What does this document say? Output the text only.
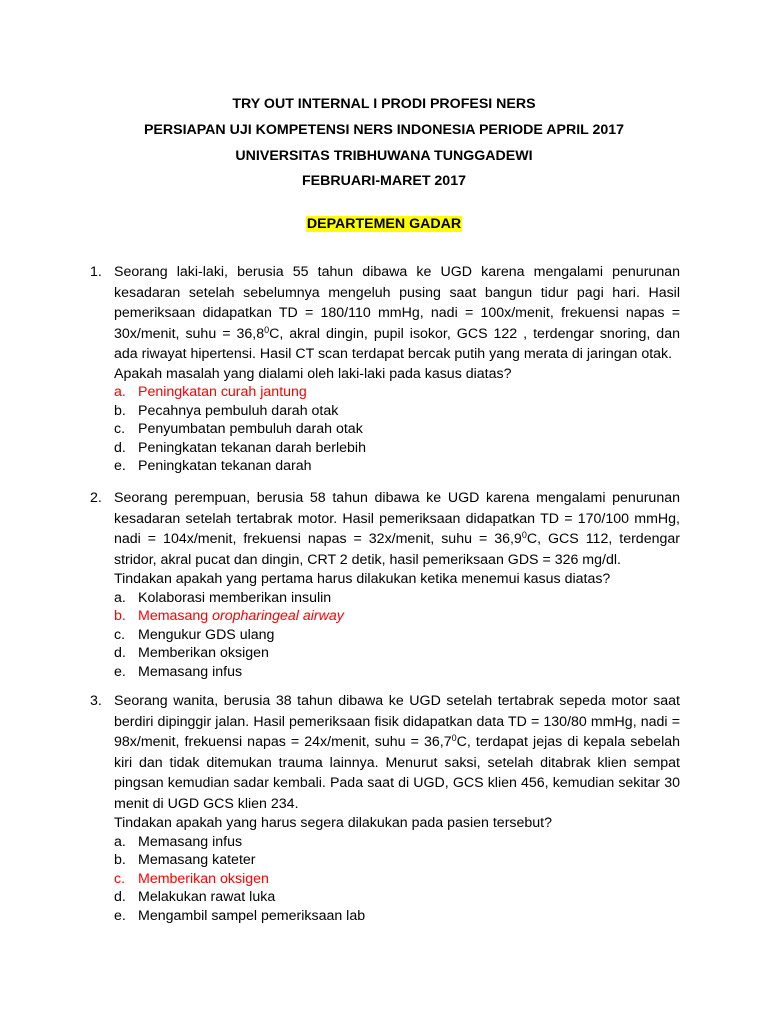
TRY OUT INTERNAL I PRODI PROFESI NERS

PERSIAPAN UJI KOMPETENSI NERS INDONESIA PERIODE APRIL 2017

UNIVERSITAS TRIBHUWANA TUNGGADEWI

FEBRUARI-MARET 2017

DEPARTEMEN GADAR
1. Seorang laki-laki, berusia 55 tahun dibawa ke UGD karena mengalami penurunan kesadaran setelah sebelumnya mengeluh pusing saat bangun tidur pagi hari. Hasil pemeriksaan didapatkan TD = 180/110 mmHg, nadi = 100x/menit, frekuensi napas = 30x/menit, suhu = $36,8^0C$, akral dingin, pupil isokor, GCS 122 , terdengar snoring, dan ada riwayat hipertensi. Hasil CT scan terdapat bercak putih yang merata di jaringan otak.

Apakah masalah yang dialami oleh laki-laki pada kasus diatas?

a. Peningkatan curah jantung
b. Pecahnya pembuluh darah otak
c. Penyumbatan pembuluh darah otak
d. Peningkatan tekanan darah berlebih
e. Peningkatan tekanan darah
2. Seorang perempuan, berusia 58 tahun dibawa ke UGD karena mengalami penurunan kesadaran setelah tertabrak motor. Hasil pemeriksaan didapatkan TD = 170/100 mmHg, nadi = 104x/menit, frekuensi napas = 32x/menit, suhu = $36,9^0C$, GCS 112, terdengar stridor, akral pucat dan dingin, CRT 2 detik, hasil pemeriksaan GDS = 326 mg/dl.

Tindakan apakah yang pertama harus dilakukan ketika menemui kasus diatas?

a. Kolaborasi memberikan insulin
b. Memasang oropharingeal airway
c. Mengukur GDS ulang
d. Memberikan oksigen
e. Memasang infus
3. Seorang wanita, berusia 38 tahun dibawa ke UGD setelah tertabrak sepeda motor saat berdiri dipinggir jalan. Hasil pemeriksaan fisik didapatkan data TD = 130/80 mmHg, nadi = 98x/menit, frekuensi napas = 24x/menit, suhu = $36,7^0C$, terdapat jejas di kepala sebelah kiri dan tidak ditemukan trauma lainnya. Menurut saksi, setelah ditabrak klien sempat pingsan kemudian sadar kembali. Pada saat di UGD, GCS klien 456, kemudian sekitar 30 menit di UGD GCS klien 234.

Tindakan apakah yang harus segera dilakukan pada pasien tersebut?

a. Memasang infus
b. Memasang kateter
c. Memberikan oksigen
d. Melakukan rawat luka
e. Mengambil sampel pemeriksaan lab
